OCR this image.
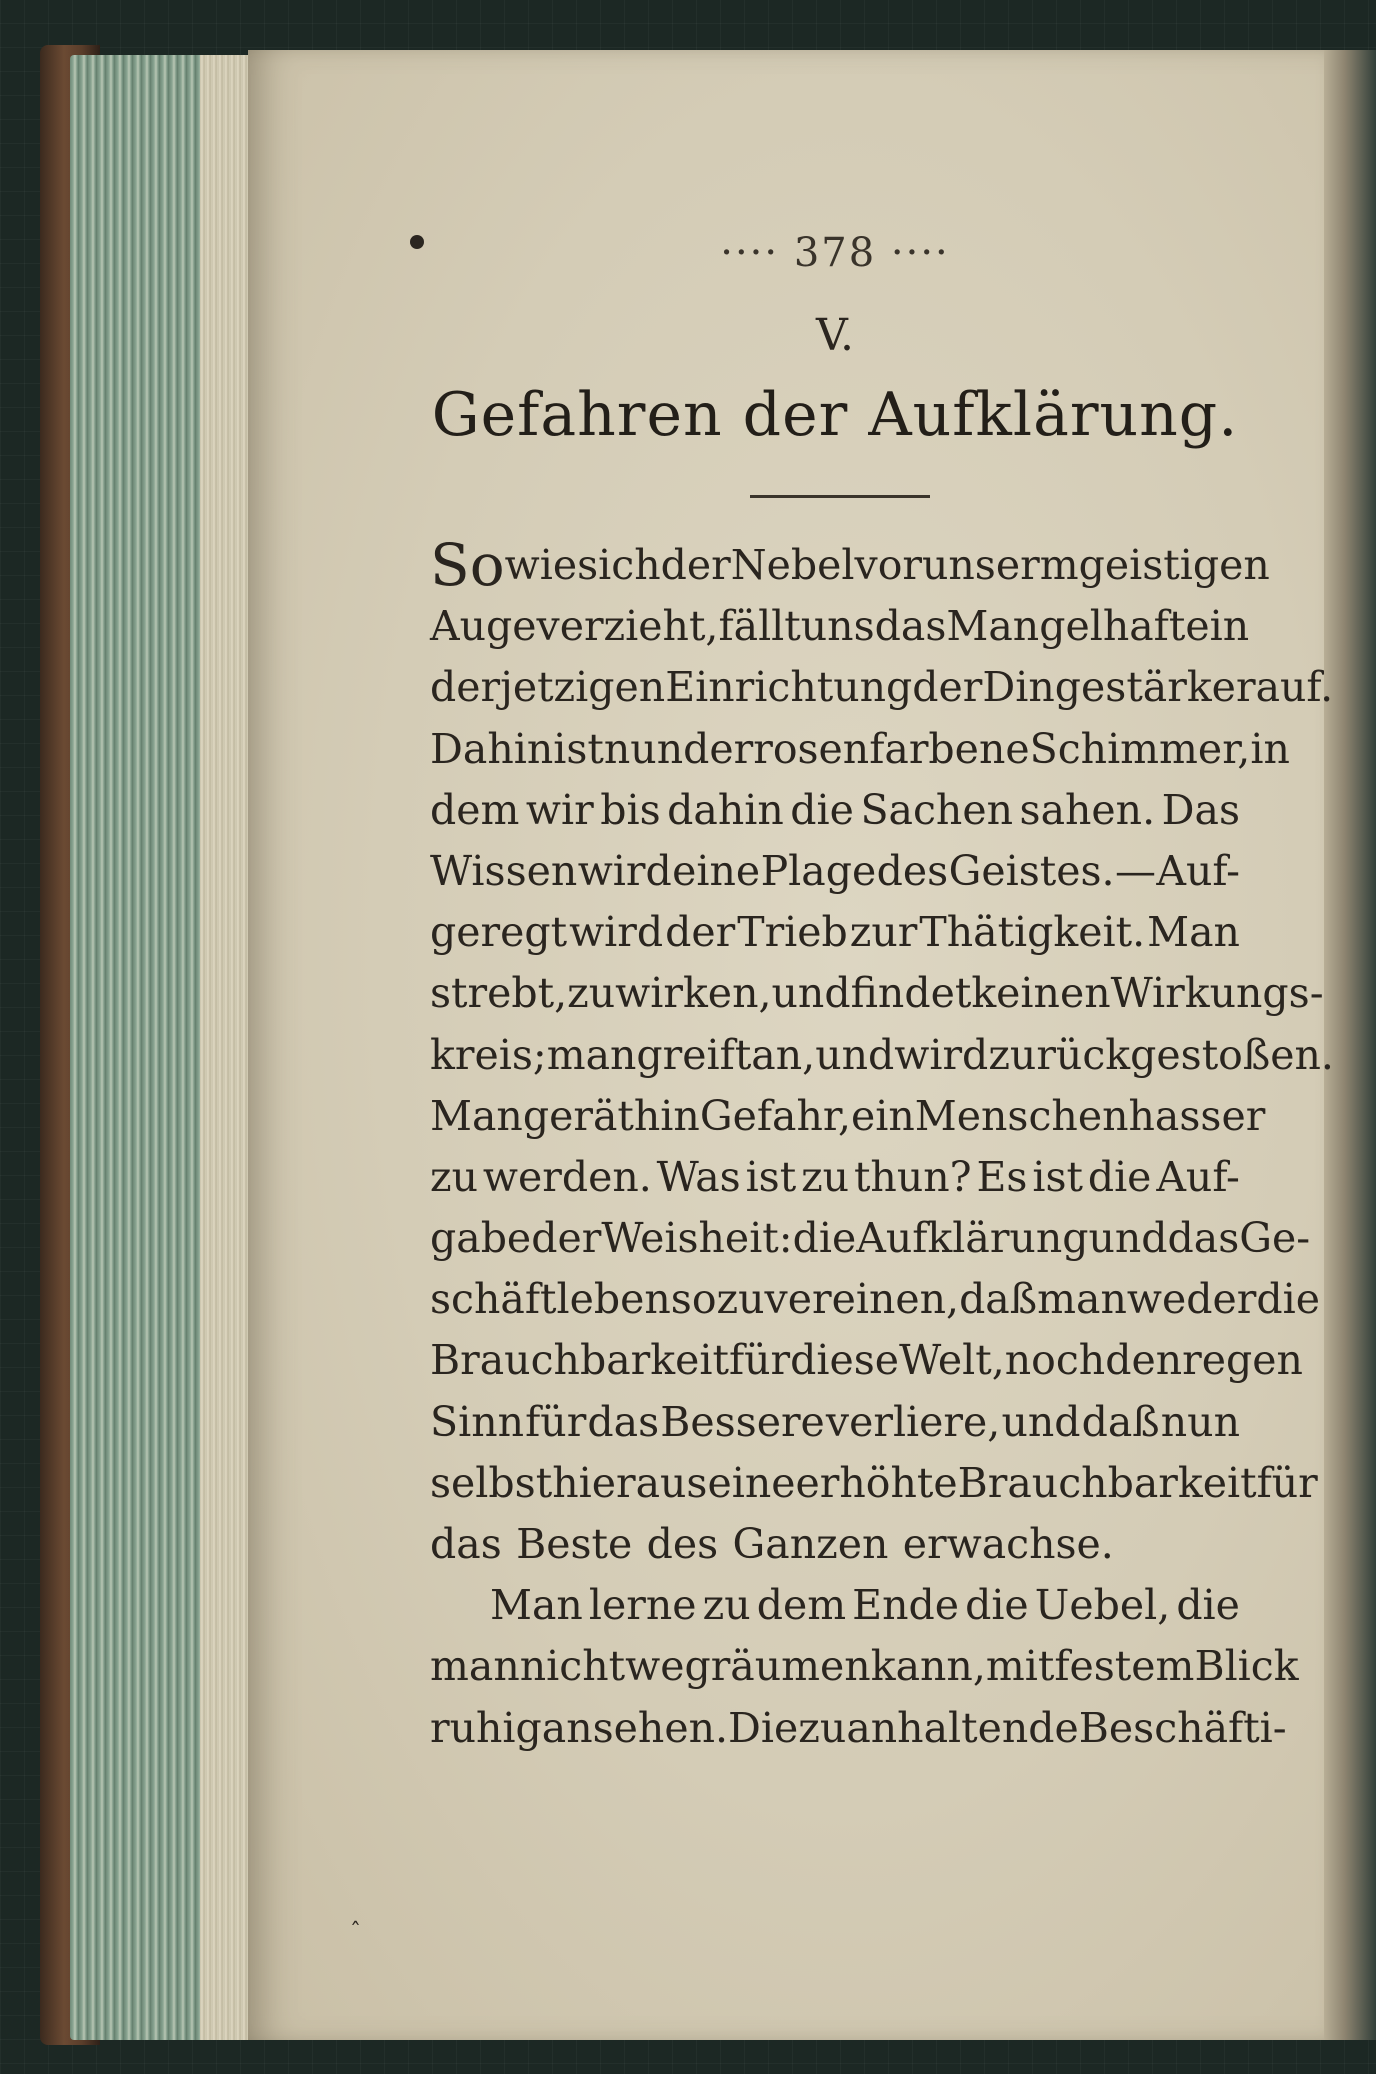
ˆ
···· 378 ····
V.
Gefahren der Aufklärung.
So wie sich der Nebel vor unserm geistigen
Auge verzieht, fällt uns das Mangelhafte in
der jetzigen Einrichtung der Dinge stärker auf.
Dahin ist nun der rosenfarbene Schimmer, in
dem wir bis dahin die Sachen sahen. Das
Wissen wird eine Plage des Geistes. — Auf-
geregt wird der Trieb zur Thätigkeit. Man
strebt, zu wirken, und findet keinen Wirkungs-
kreis; man greift an, und wird zurück gestoßen.
Man geräth in Gefahr, ein Menschenhasser
zu werden. Was ist zu thun? Es ist die Auf-
gabe der Weisheit: die Aufklärung und das Ge-
schäftleben so zu vereinen, daß man weder die
Brauchbarkeit für diese Welt, noch den regen
Sinn für das Bessere verliere, und daß nun
selbst hieraus eine erhöhte Brauchbarkeit für
das Beste des Ganzen erwachse.
Man lerne zu dem Ende die Uebel, die
man nicht wegräumen kann, mit festem Blick
ruhig ansehen. Die zu anhaltende Beschäfti-
